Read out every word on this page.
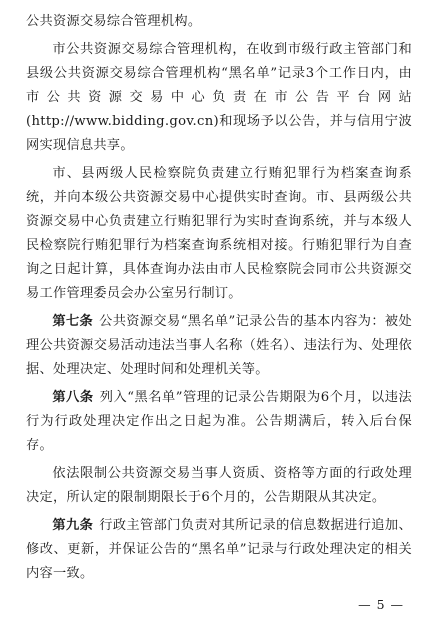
公共资源交易综合管理机构。

市公共资源交易综合管理机构，在收到市级行政主管部门和县级公共资源交易综合管理机构“黑名单”记录3个工作日内，由市公共资源交易中心负责在市公告平台网站(http://www.bidding.gov.cn)和现场予以公告，并与信用宁波网实现信息共享。

市、县两级人民检察院负责建立行贿犯罪行为档案查询系统，并向本级公共资源交易中心提供实时查询。市、县两级公共资源交易中心负责建立行贿犯罪行为实时查询系统，并与本级人民检察院行贿犯罪行为档案查询系统相对接。行贿犯罪行为自查询之日起计算，具体查询办法由市人民检察院会同市公共资源交易工作管理委员会办公室另行制订。

第七条 公共资源交易“黑名单”记录公告的基本内容为：被处理公共资源交易活动违法当事人名称（姓名）、违法行为、处理依据、处理决定、处理时间和处理机关等。

第八条 列入“黑名单”管理的记录公告期限为6个月，以违法行为行政处理决定作出之日起为准。公告期满后，转入后台保存。

依法限制公共资源交易当事人资质、资格等方面的行政处理决定，所认定的限制期限长于6个月的，公告期限从其决定。

第九条 行政主管部门负责对其所记录的信息数据进行追加、修改、更新，并保证公告的“黑名单”记录与行政处理决定的相关内容一致。

— 5 —
